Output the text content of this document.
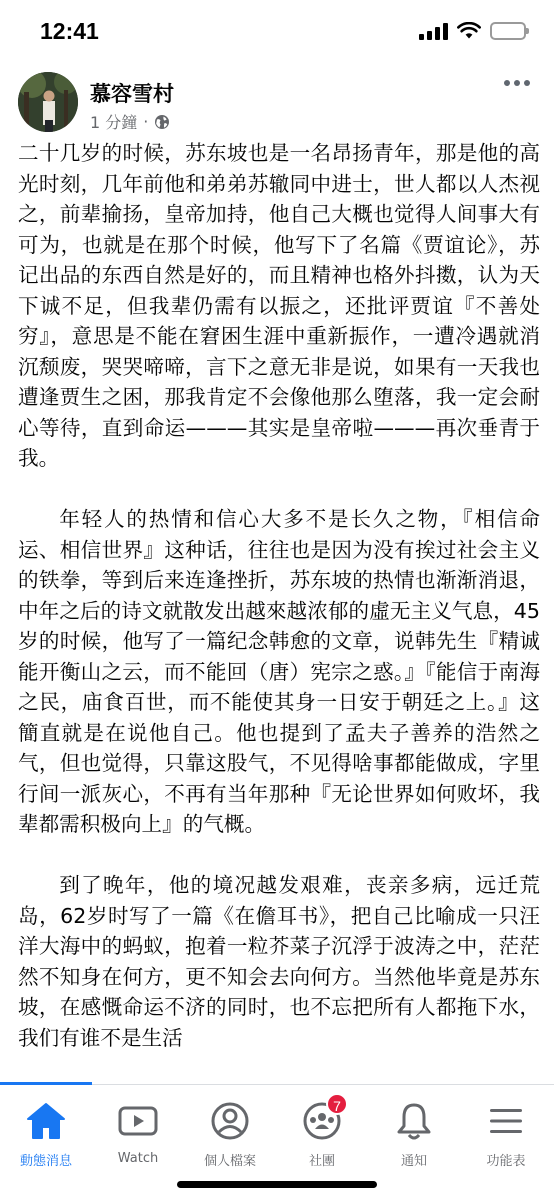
12:41
慕容雪村
1 分鐘 ·

二十几岁的时候，苏东坡也是一名昂扬青年，那是他的高光时刻，几年前他和弟弟苏辙同中进士，世人都以人杰视之，前辈揄扬，皇帝加持，他自己大概也觉得人间事大有可为，也就是在那个时候，他写下了名篇《贾谊论》，苏记出品的东西自然是好的，而且精神也格外抖擞，认为天下诚不足，但我辈仍需有以振之，还批评贾谊『不善处穷』，意思是不能在窘困生涯中重新振作，一遭冷遇就消沉颓废，哭哭啼啼，言下之意无非是说，如果有一天我也遭逢贾生之困，那我肯定不会像他那么堕落，我一定会耐心等待，直到命运———其实是皇帝啦———再次垂青于我。

年轻人的热情和信心大多不是长久之物，『相信命运、相信世界』这种话，往往也是因为没有挨过社会主义的铁拳，等到后来连逢挫折，苏东坡的热情也渐渐消退，中年之后的诗文就散发出越來越浓郁的虛无主义气息，45岁的时候，他写了一篇纪念韩愈的文章，说韩先生『精诚能开衡山之云，而不能回（唐）宪宗之惑。』『能信于南海之民，庙食百世，而不能使其身一日安于朝廷之上。』这簡直就是在说他自己。他也提到了孟夫子善养的浩然之气，但也觉得，只靠这股气，不见得啥事都能做成，字里行间一派灰心，不再有当年那种『无论世界如何败坏，我辈都需积极向上』的气概。

到了晚年，他的境况越发艰难，丧亲多病，远迁荒岛，62岁时写了一篇《在儋耳书》，把自己比喻成一只汪洋大海中的蚂蚁，抱着一粒芥菜子沉浮于波涛之中，茫茫然不知身在何方，更不知会去向何方。当然他毕竟是苏东坡，在感慨命运不济的同时，也不忘把所有人都拖下水，我们有谁不是生活

動態消息	Watch	個人檔案
7
社團	通知	功能表
